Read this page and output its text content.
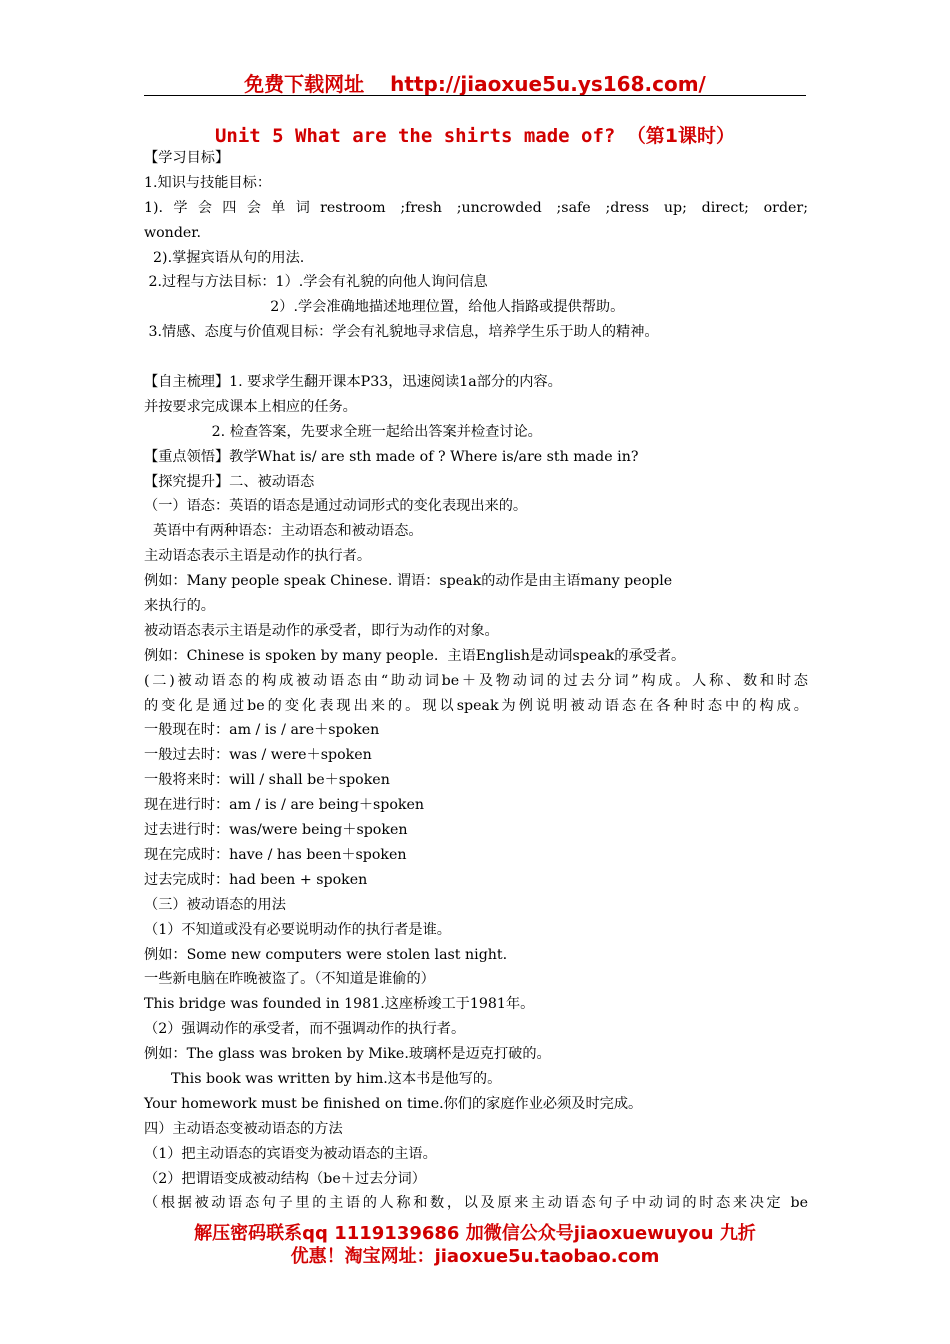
免费下载网址 http://jiaoxue5u.ys168.com/
Unit 5 What are the shirts made of? （第1课时）
【学习目标】
1.知识与技能目标：
1).学会四会单词restroom ;fresh ;uncrowded ;safe ;dress up; direct; order;
wonder.
2).掌握宾语从句的用法.
2.过程与方法目标：1）.学会有礼貌的向他人询问信息
2）.学会准确地描述地理位置，给他人指路或提供帮助。
3.情感、态度与价值观目标：学会有礼貌地寻求信息，培养学生乐于助人的精神。
【自主梳理】1. 要求学生翻开课本P33，迅速阅读1a部分的内容。
并按要求完成课本上相应的任务。
2. 检查答案，先要求全班一起给出答案并检查讨论。
【重点领悟】教学What is/ are sth made of ? Where is/are sth made in?
【探究提升】二、被动语态
（一）语态：英语的语态是通过动词形式的变化表现出来的。
英语中有两种语态：主动语态和被动语态。
主动语态表示主语是动作的执行者。
例如：Many people speak Chinese. 谓语：speak的动作是由主语many people
来执行的。
被动语态表示主语是动作的承受者，即行为动作的对象。
例如：Chinese is spoken by many people.  主语English是动词speak的承受者。
(二)被动语态的构成被动语态由“助动词be＋及物动词的过去分词”构成。人称、数和时态
的变化是通过be的变化表现出来的。现以speak为例说明被动语态在各种时态中的构成。
一般现在时：am / is / are＋spoken
一般过去时：was / were＋spoken
一般将来时：will / shall be＋spoken
现在进行时：am / is / are being＋spoken
过去进行时：was/were being＋spoken
现在完成时：have / has been＋spoken
过去完成时：had been + spoken
（三）被动语态的用法
（1）不知道或没有必要说明动作的执行者是谁。
例如：Some new computers were stolen last night.
一些新电脑在昨晚被盗了。（不知道是谁偷的）
This bridge was founded in 1981.这座桥竣工于1981年。
（2）强调动作的承受者，而不强调动作的执行者。
例如：The glass was broken by Mike.玻璃杯是迈克打破的。
This book was written by him.这本书是他写的。
Your homework must be finished on time.你们的家庭作业必须及时完成。
四）主动语态变被动语态的方法
（1）把主动语态的宾语变为被动语态的主语。
（2）把谓语变成被动结构（be＋过去分词）
（根据被动语态句子里的主语的人称和数，以及原来主动语态句子中动词的时态来决定 be
解压密码联系qq 1119139686 加微信公众号jiaoxuewuyou 九折
优惠！淘宝网址：jiaoxue5u.taobao.com
